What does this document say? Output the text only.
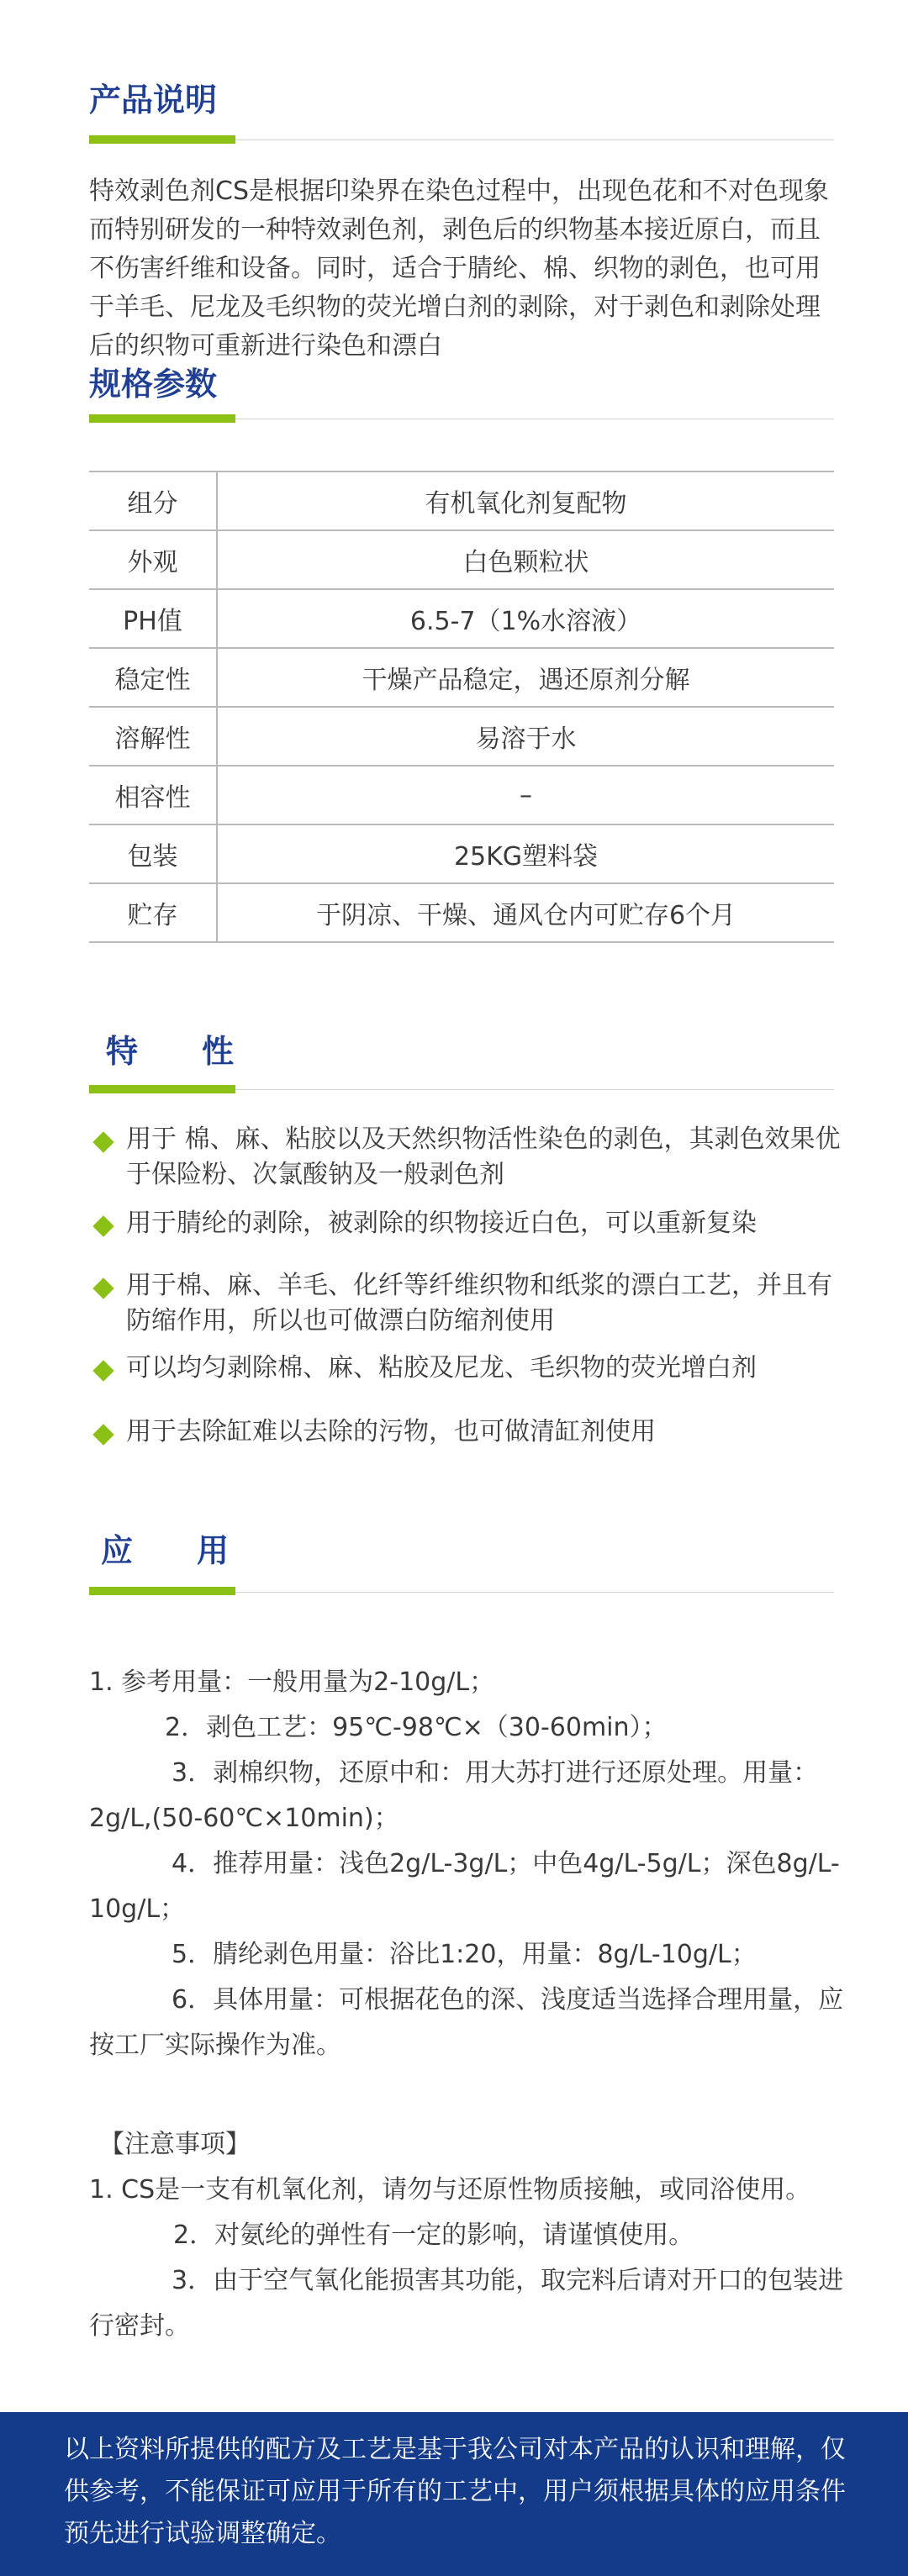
产品说明
特效剥色剂CS是根据印染界在染色过程中，出现色花和不对色现象而特别研发的一种特效剥色剂，剥色后的织物基本接近原白，而且不伤害纤维和设备。同时，适合于腈纶、棉、织物的剥色，也可用于羊毛、尼龙及毛织物的荧光增白剂的剥除，对于剥色和剥除处理后的织物可重新进行染色和漂白
规格参数
组分	有机氧化剂复配物
外观	白色颗粒状
PH值	6.5-7（1%水溶液）
稳定性	干燥产品稳定，遇还原剂分解
溶解性	易溶于水
相容性	–
包装	25KG塑料袋
贮存	于阴凉、干燥、通风仓内可贮存6个月
特　　性
用于 棉、麻、粘胶以及天然织物活性染色的剥色，其剥色效果优于保险粉、次氯酸钠及一般剥色剂
用于腈纶的剥除，被剥除的织物接近白色，可以重新复染
用于棉、麻、羊毛、化纤等纤维织物和纸浆的漂白工艺，并且有防缩作用，所以也可做漂白防缩剂使用
可以均匀剥除棉、麻、粘胶及尼龙、毛织物的荧光增白剂
用于去除缸难以去除的污物，也可做清缸剂使用
应　　用

1. 参考用量：一般用量为2-10g/L；

2．剥色工艺：95℃-98℃×（30-60min）；

3．剥棉织物，还原中和：用大苏打进行还原处理。用量：2g/L,(50-60℃×10min)；

4．推荐用量：浅色2g/L-3g/L；中色4g/L-5g/L；深色8g/L-10g/L；

5．腈纶剥色用量：浴比1:20，用量：8g/L-10g/L；

6．具体用量：可根据花色的深、浅度适当选择合理用量，应按工厂实际操作为准。

【注意事项】

1. CS是一支有机氧化剂，请勿与还原性物质接触，或同浴使用。

2．对氨纶的弹性有一定的影响，请谨慎使用。

3．由于空气氧化能损害其功能，取完料后请对开口的包装进行密封。

以上资料所提供的配方及工艺是基于我公司对本产品的认识和理解，仅供参考，不能保证可应用于所有的工艺中，用户须根据具体的应用条件预先进行试验调整确定。
